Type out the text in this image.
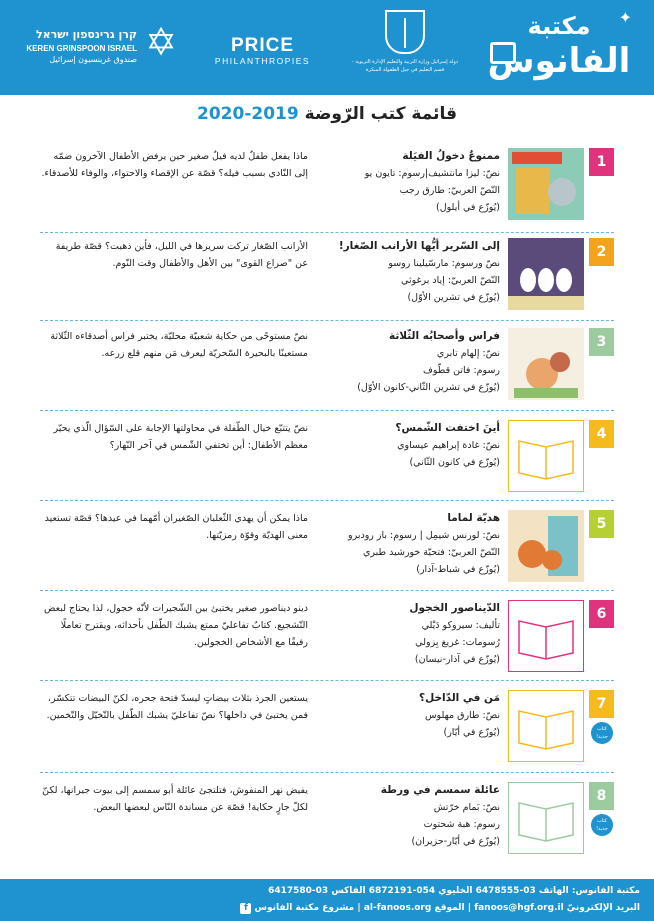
✦
مكتبة
الفانوس
دولة إسرائيل وزارة التربية والتعليم الإدارة التربوية - قسم التعليم في جيل الطفولة المبكرة
PRICE
PHILANTHROPIES
קרן גרינספון ישראל
KEREN GRINSPOON ISRAEL
صندوق غرينسبون إسرائيل ✡
قائمة كتب الرّوضة 2019-2020
1
ممنوعٌ دخولُ الفيَلة
نصّ: ليزا مانتشيف|رسوم: تايون يو
النّصّ العربيّ: طارق رجب
(يُوزّع في أيلول)
ماذا يفعل طفلٌ لديه فيلٌ صغير حين يرفض الأطفال الآخرون ضمّه إلى النّادي بسبب فيله؟ قصّة عن الإقصاء والاحتواء، والوفاء للأصدقاء.
2
إلى السّرير أيُّها الأرانب الصّغار!
نصّ ورسوم: مارسّيلينا روسو
النّصّ العربيّ: إياد برغوثي
(يُوزّع في تشرين الأوّل)
الأرانب الصّغار تركت سريرها في الليل، فأين ذهبت؟ قصّة طريفة عن "صراع القوى" بين الأهل والأطفال وقت النّوم.
3
فراس وأصحابُه الثّلاثة
نصّ: إلهام تابري
رسوم: فاتن قطّوف
(يُوزّع في تشرين الثّاني-كانون الأوّل)
نصّ مستوحًى من حكاية شعبيّة محليّة، يختبر فراس أصدقاءه الثّلاثة مستعينًا بالبحيرة السّحريّة ليعرف مَن منهم قلع زرعه.
4
أينَ اختفت الشّمس؟
نصّ: غادة إبراهيم عيساوي
(يُوزّع في كانون الثّاني)
نصّ يتتبّع خيال الطّفلة في محاولتها الإجابة على السّؤال الّذي يحيّر معظم الأطفال: أين تختفي الشّمس في آخر النّهار؟
5
هديّة لماما
نصّ: لورنس شيمِل | رسوم: باز رودبرو
النّصّ العربيّ: فتحيّة خورشيد طبري
(يُوزّع في شباط-آذار)
ماذا يمكن أن يهدي الثّعلبان الصّغيران أمّهما في عيدها؟ قصّة تستعيد معنى الهديّة وقوّة رمزيّتها.
6
الدّيناصور الخجول
تأليف: سيروكو دَيْلي
رُسومات: غريغ بِزولي
(يُوزّع في آذار-نيسان)
دينو ديناصور صغير يختبئ بين الشّجيرات لأنّه خجول، لذا يحتاج لبعض التّشجيع. كتابٌ تفاعليّ ممتع يشبك الطّفل بأحداثه، ويقترح تعاملًا رفيقًا مع الأشخاص الخجولين.
7
كتاب جديد!
مَن في الدّاخل؟
نصّ: طارق مهلوس
(يُوزّع في أيّار)
يستعين الجرذ بثلاث بيضاتٍ ليسدّ فتحة جحره، لكنّ البيضات تتكسّر، فمن يختبئ في داخلها؟ نصّ تفاعليّ يشبك الطّفل بالتّخيّل والتّخمين.
8
كتاب جديد!
عائلة سمسم في ورطة
نصّ: بَمام خرّتش
رسوم: هبة شحتوت
(يُوزّع في أيّار-حزيران)
يفيض نهر المنفوش، فتلتجئ عائلة أبو سمسم إلى بيوت جيرانها، لكنّ لكلّ جارٍ حكاية! قصّة عن مساندة النّاس لبعضها البعض.
مكتبة الفانوس: الهاتف 03-6478555 الخليوي 054-6872191 الفاكس 03-6417580
البريد الإلكترونيّ fanoos@hgf.org.il | الموقع al-fanoos.org | مشروع مكتبة الفانوس f
